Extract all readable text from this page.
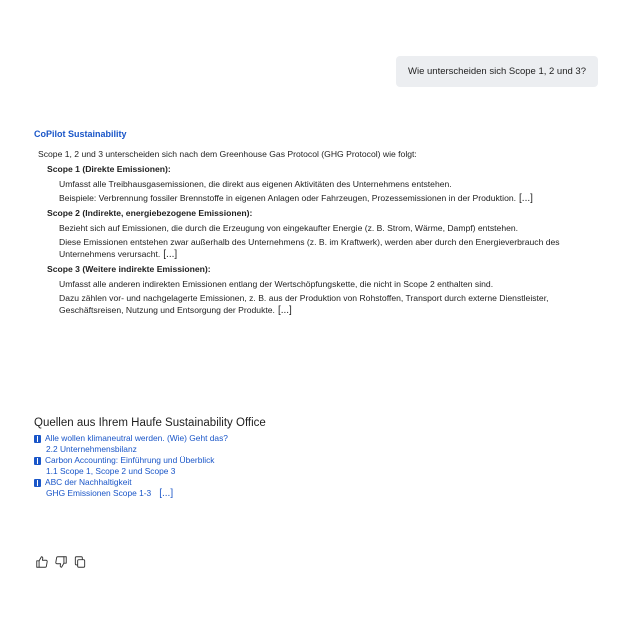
Wie unterscheiden sich Scope 1, 2 und 3?
CoPilot Sustainability
Scope 1, 2 und 3 unterscheiden sich nach dem Greenhouse Gas Protocol (GHG Protocol) wie folgt:
Scope 1 (Direkte Emissionen):
Umfasst alle Treibhausgasemissionen, die direkt aus eigenen Aktivitäten des Unternehmens entstehen.
Beispiele: Verbrennung fossiler Brennstoffe in eigenen Anlagen oder Fahrzeugen, Prozessemissionen in der Produktion. [...]
Scope 2 (Indirekte, energiebezogene Emissionen):
Bezieht sich auf Emissionen, die durch die Erzeugung von eingekaufter Energie (z. B. Strom, Wärme, Dampf) entstehen.
Diese Emissionen entstehen zwar außerhalb des Unternehmens (z. B. im Kraftwerk), werden aber durch den Energieverbrauch des Unternehmens verursacht. [...]
Scope 3 (Weitere indirekte Emissionen):
Umfasst alle anderen indirekten Emissionen entlang der Wertschöpfungskette, die nicht in Scope 2 enthalten sind.
Dazu zählen vor- und nachgelagerte Emissionen, z. B. aus der Produktion von Rohstoffen, Transport durch externe Dienstleister, Geschäftsreisen, Nutzung und Entsorgung der Produkte. [...]
Quellen aus Ihrem Haufe Sustainability Office
Alle wollen klimaneutral werden. (Wie) Geht das?
2.2 Unternehmensbilanz
Carbon Accounting: Einführung und Überblick
1.1 Scope 1, Scope 2 und Scope 3
ABC der Nachhaltigkeit
GHG Emissionen Scope 1-3 [...]
